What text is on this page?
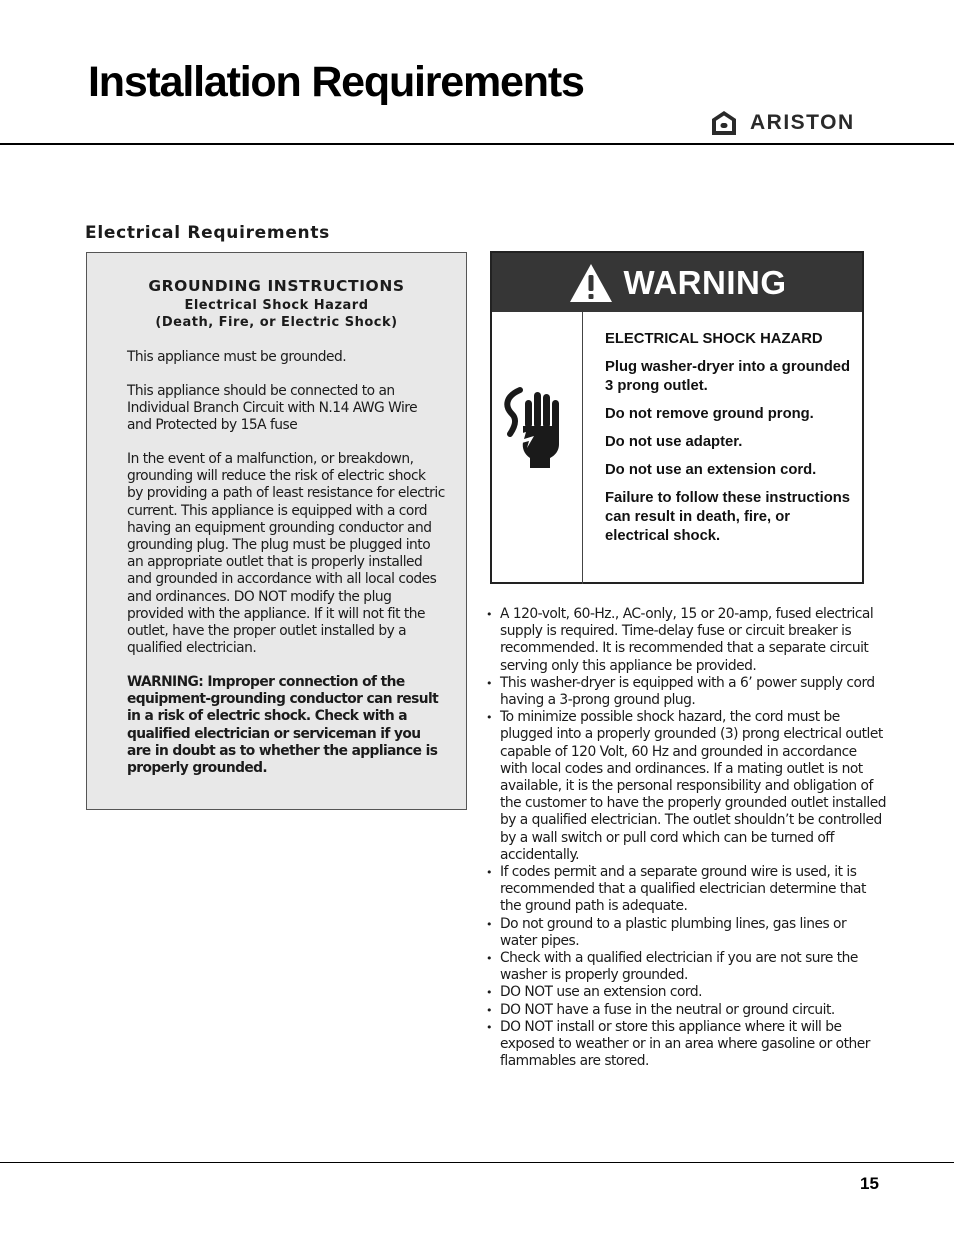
Installation Requirements
ARISTON
Electrical Requirements

GROUNDING INSTRUCTIONS

Electrical Shock Hazard

(Death, Fire, or Electric Shock)

This appliance must be grounded.

This appliance should be connected to an Individual Branch Circuit with N.14 AWG Wire and Protected by 15A fuse

In the event of a malfunction, or breakdown, grounding will reduce the risk of electric shock by providing a path of least resistance for electric current. This appliance is equipped with a cord having an equipment grounding conductor and grounding plug. The plug must be plugged into an appropriate outlet that is properly installed and grounded in accordance with all local codes and ordinances. DO NOT modify the plug provided with the appliance. If it will not fit the outlet, have the proper outlet installed by a qualified electrician.

WARNING: Improper connection of the equipment-grounding conductor can result in a risk of electric shock. Check with a qualified electrician or serviceman if you are in doubt as to whether the appliance is properly grounded.

WARNING

ELECTRICAL SHOCK HAZARD

Plug washer-dryer into a grounded 3 prong outlet.

Do not remove ground prong.

Do not use adapter.

Do not use an extension cord.

Failure to follow these instructions can result in death, fire, or electrical shock.

• A 120-volt, 60-Hz., AC-only, 15 or 20-amp, fused electrical supply is required. Time-delay fuse or circuit breaker is recommended. It is recommended that a separate circuit serving only this appliance be provided.
• This washer-dryer is equipped with a 6’ power supply cord having a 3-prong ground plug.
• To minimize possible shock hazard, the cord must be plugged into a properly grounded (3) prong electrical outlet capable of 120 Volt, 60 Hz and grounded in accordance with local codes and ordinances. If a mating outlet is not available, it is the personal responsibility and obligation of the customer to have the properly grounded outlet installed by a qualified electrician. The outlet shouldn’t be controlled by a wall switch or pull cord which can be turned off accidentally.
• If codes permit and a separate ground wire is used, it is recommended that a qualified electrician determine that the ground path is adequate.
• Do not ground to a plastic plumbing lines, gas lines or water pipes.
• Check with a qualified electrician if you are not sure the washer is properly grounded.
• DO NOT use an extension cord.
• DO NOT have a fuse in the neutral or ground circuit.
• DO NOT install or store this appliance where it will be exposed to weather or in an area where gasoline or other flammables are stored.
15
